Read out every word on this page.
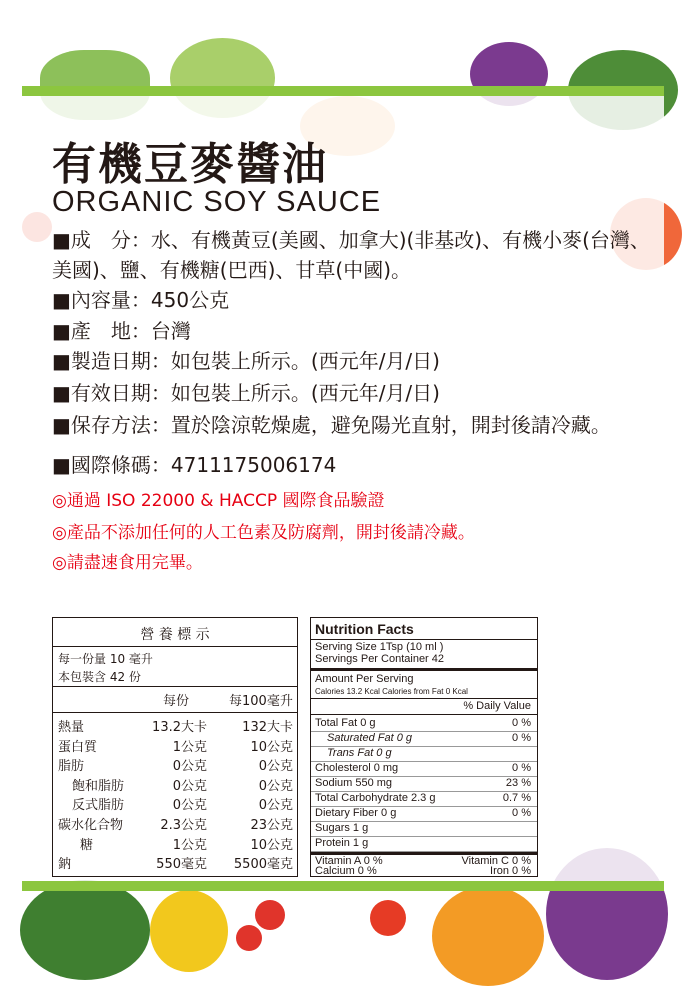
有機豆麥醬油
ORGANIC SOY SAUCE
■成　分：水、有機黃豆(美國、加拿大)(非基改)、有機小麥(台灣、美國)、鹽、有機糖(巴西)、甘草(中國)。
■內容量：450公克
■產　地：台灣
■製造日期：如包裝上所示。(西元年/月/日)
■有效日期：如包裝上所示。(西元年/月/日)
■保存方法：置於陰涼乾燥處，避免陽光直射，開封後請冷藏。
■國際條碼：4711175006174
◎通過 ISO 22000 & HACCP 國際食品驗證
◎產品不添加任何的人工色素及防腐劑，開封後請冷藏。
◎請盡速食用完畢。
營 養 標 示
每一份量 10 毫升
本包裝含 42 份
每份	每100毫升
熱量	13.2大卡	132大卡
蛋白質	1公克	10公克
脂肪	0公克	0公克
飽和脂肪	0公克	0公克
反式脂肪	0公克	0公克
碳水化合物	2.3公克	23公克
糖	1公克	10公克
鈉	550毫克 5500毫克
Nutrition Facts
Serving Size 1Tsp (10 ml )
Servings Per Container 42
Amount Per Serving
Calories 13.2 Kcal Calories from Fat 0 Kcal
% Daily Value
Total Fat 0 g	0 %
Saturated Fat 0 g	0 %
Trans Fat 0 g
Cholesterol 0 mg	0 %
Sodium 550 mg	23 %
Total Carbohydrate 2.3 g	0.7 %
Dietary Fiber 0 g	0 %
Sugars 1 g
Protein 1 g
Vitamin A 0 %	Vitamin C 0 %
Calcium 0 %	Iron 0 %
